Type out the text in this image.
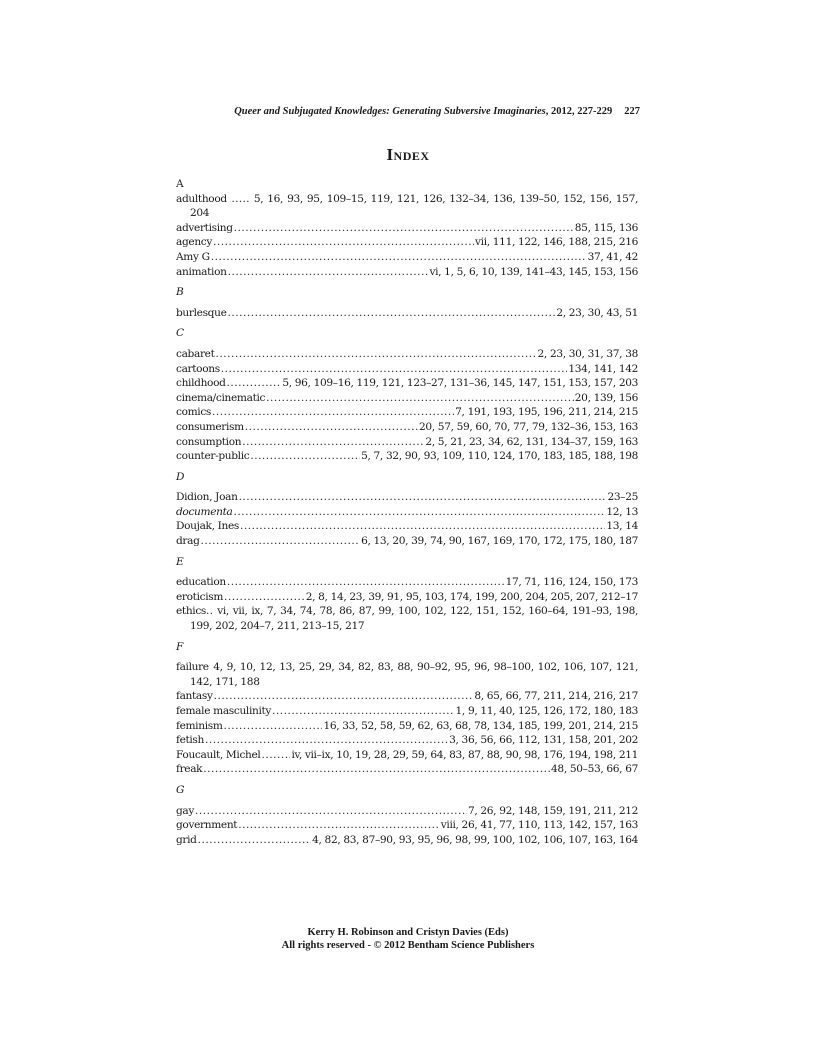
Queer and Subjugated Knowledges: Generating Subversive Imaginaries, 2012, 227-229 227
Index
A
adulthood ..... 5, 16, 93, 95, 109–15, 119, 121, 126, 132–34, 136, 139–50, 152, 156, 157, 204
advertising .....	85, 115, 136
agency .....	vii, 111, 122, 146, 188, 215, 216
Amy G .....	37, 41, 42
animation .....	vi, 1, 5, 6, 10, 139, 141–43, 145, 153, 156
B
burlesque .....	2, 23, 30, 43, 51
C
cabaret .....	2, 23, 30, 31, 37, 38
cartoons .....	134, 141, 142
childhood .....	5, 96, 109–16, 119, 121, 123–27, 131–36, 145, 147, 151, 153, 157, 203
cinema/cinematic .....	20, 139, 156
comics .....	7, 191, 193, 195, 196, 211, 214, 215
consumerism .....	20, 57, 59, 60, 70, 77, 79, 132–36, 153, 163
consumption .....	2, 5, 21, 23, 34, 62, 131, 134–37, 159, 163
counter-public .....	5, 7, 32, 90, 93, 109, 110, 124, 170, 183, 185, 188, 198
D
Didion, Joan .....	23–25
documenta .....	12, 13
Doujak, Ines .....	13, 14
drag .....	6, 13, 20, 39, 74, 90, 167, 169, 170, 172, 175, 180, 187
E
education .....	17, 71, 116, 124, 150, 173
eroticism .....	2, 8, 14, 23, 39, 91, 95, 103, 174, 199, 200, 204, 205, 207, 212–17
ethics.. vi, vii, ix, 7, 34, 74, 78, 86, 87, 99, 100, 102, 122, 151, 152, 160–64, 191–93, 198, 199, 202, 204–7, 211, 213–15, 217
F
failure 4, 9, 10, 12, 13, 25, 29, 34, 82, 83, 88, 90–92, 95, 96, 98–100, 102, 106, 107, 121, 142, 171, 188
fantasy .....	8, 65, 66, 77, 211, 214, 216, 217
female masculinity .....	1, 9, 11, 40, 125, 126, 172, 180, 183
feminism .....	16, 33, 52, 58, 59, 62, 63, 68, 78, 134, 185, 199, 201, 214, 215
fetish .....	3, 36, 56, 66, 112, 131, 158, 201, 202
Foucault, Michel .....	iv, vii–ix, 10, 19, 28, 29, 59, 64, 83, 87, 88, 90, 98, 176, 194, 198, 211
freak .....	48, 50–53, 66, 67
G
gay .....	7, 26, 92, 148, 159, 191, 211, 212
government .....	viii, 26, 41, 77, 110, 113, 142, 157, 163
grid .....	4, 82, 83, 87–90, 93, 95, 96, 98, 99, 100, 102, 106, 107, 163, 164
Kerry H. Robinson and Cristyn Davies (Eds)
All rights reserved - © 2012 Bentham Science Publishers
